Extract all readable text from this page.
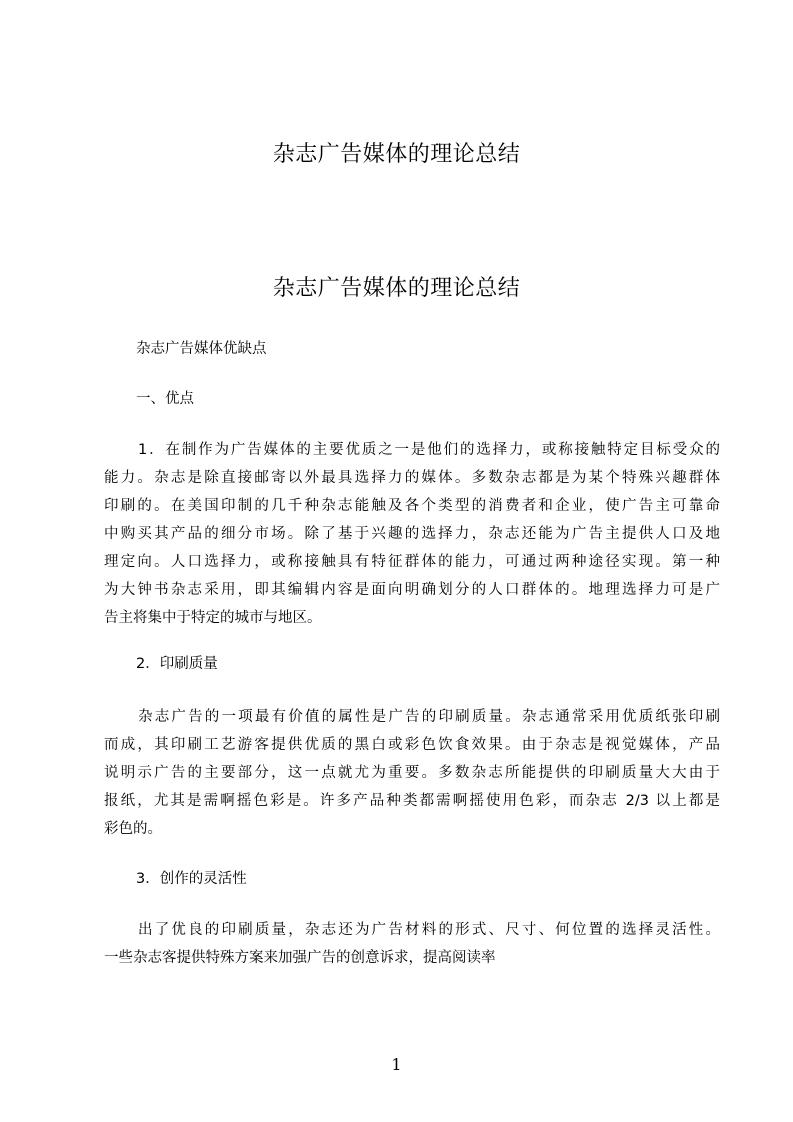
杂志广告媒体的理论总结
杂志广告媒体的理论总结
杂志广告媒体优缺点
一、优点
1．在制作为广告媒体的主要优质之一是他们的选择力，或称接触特定目标受众的
能力。杂志是除直接邮寄以外最具选择力的媒体。多数杂志都是为某个特殊兴趣群体
印刷的。在美国印制的几千种杂志能触及各个类型的消费者和企业，使广告主可靠命
中购买其产品的细分市场。除了基于兴趣的选择力，杂志还能为广告主提供人口及地
理定向。人口选择力，或称接触具有特征群体的能力，可通过两种途径实现。第一种
为大钟书杂志采用，即其编辑内容是面向明确划分的人口群体的。地理选择力可是广
告主将集中于特定的城市与地区。
2．印刷质量
杂志广告的一项最有价值的属性是广告的印刷质量。杂志通常采用优质纸张印刷
而成，其印刷工艺游客提供优质的黑白或彩色饮食效果。由于杂志是视觉媒体，产品
说明示广告的主要部分，这一点就尤为重要。多数杂志所能提供的印刷质量大大由于
报纸，尤其是需啊摇色彩是。许多产品种类都需啊摇使用色彩，而杂志 2/3 以上都是
彩色的。
3．创作的灵活性
出了优良的印刷质量，杂志还为广告材料的形式、尺寸、何位置的选择灵活性。
一些杂志客提供特殊方案来加强广告的创意诉求，提高阅读率
1
